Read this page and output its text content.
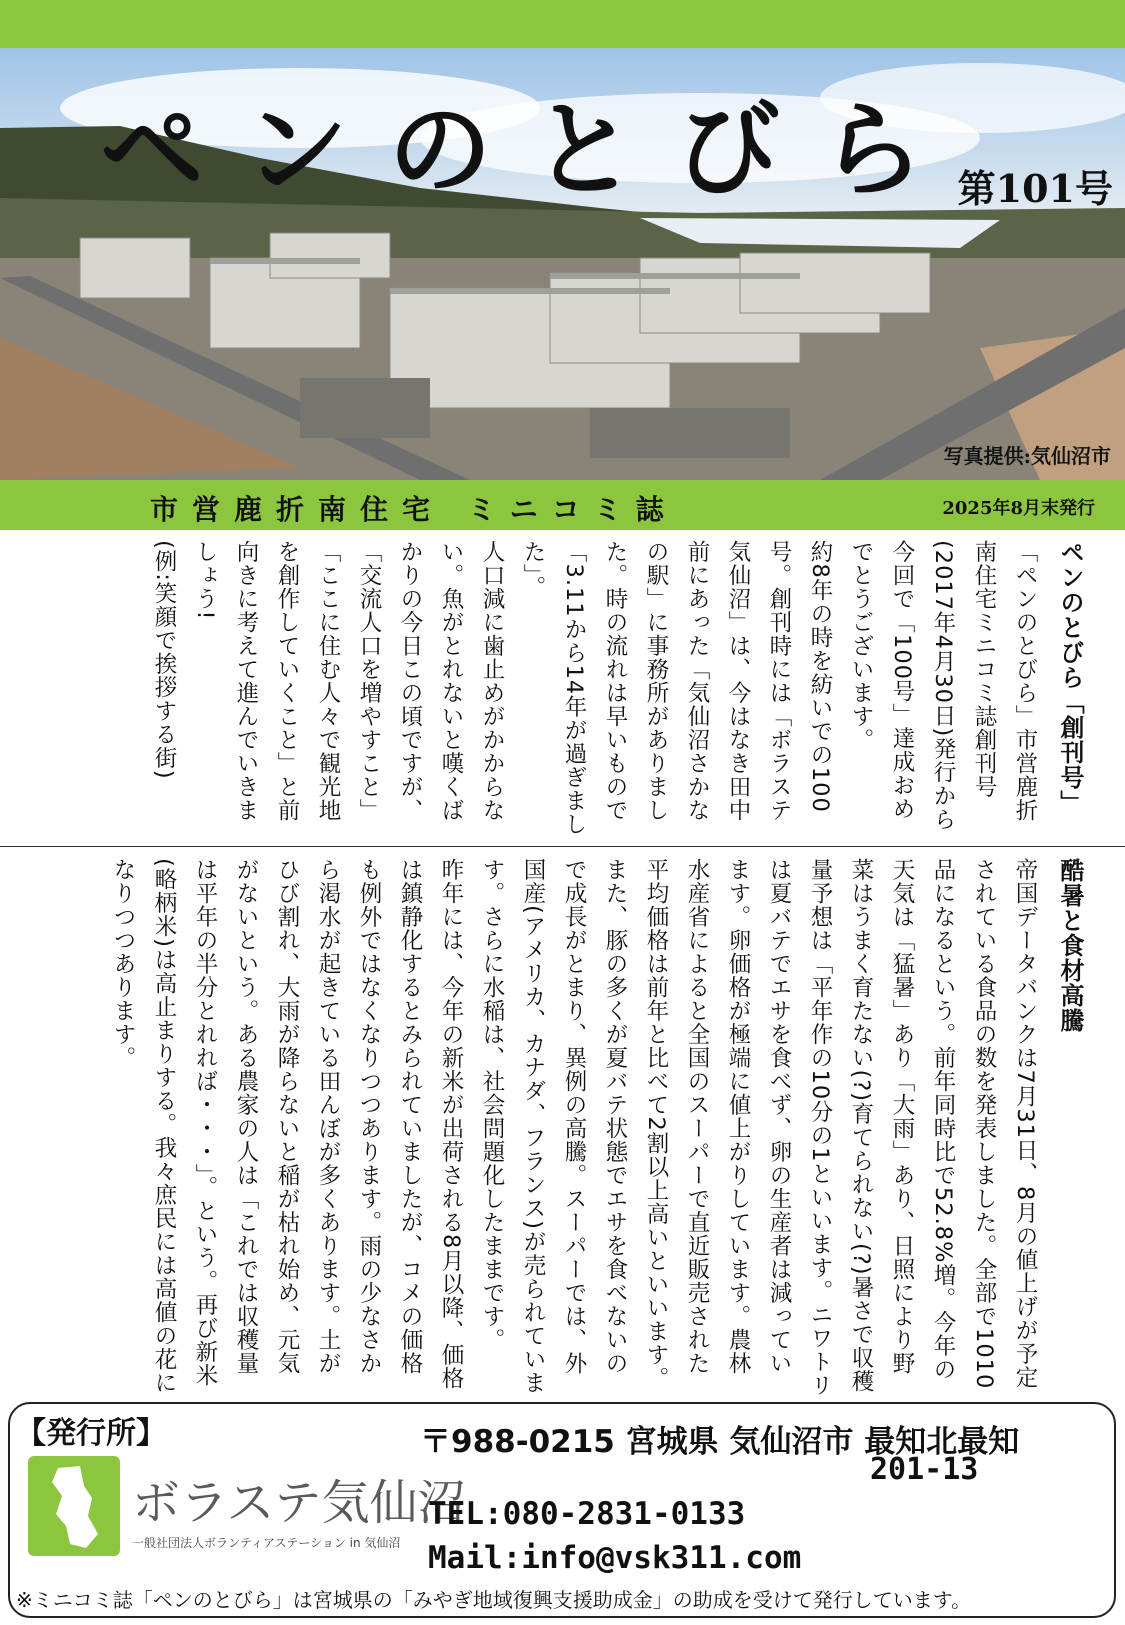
ペンのとびら
第101号
写真提供:気仙沼市
市営鹿折南住宅 ミニコミ誌	2025年8月末発行
ペンのとびら「創刊号」

「ペンのとびら」市営鹿折南住宅ミニコミ誌創刊号(2017年4月30日)発行から今回で「100号」達成おめでとうございます。

約8年の時を紡いでの100号。創刊時には「ボラステ気仙沼」は、今はなき田中前にあった「気仙沼さかなの駅」に事務所がありました。時の流れは早いもので「3.11から14年が過ぎました」。

人口減に歯止めがかからない。魚がとれないと嘆くばかりの今日この頃ですが、「交流人口を増やすこと」「ここに住む人々で観光地を創作していくこと」と前向きに考えて進んでいきましょう!

(例:笑顔で挨拶する街)

酷暑と食材高騰

帝国データバンクは7月31日、8月の値上げが予定されている食品の数を発表しました。全部で1010品になるという。前年同時比で52.8%増。今年の天気は「猛暑」あり「大雨」あり、日照により野菜はうまく育たない(?)育てられない(?)暑さで収穫量予想は「平年作の10分の1といいます。ニワトリは夏バテでエサを食べず、卵の生産者は減っています。卵価格が極端に値上がりしています。農林水産省によると全国のスーパーで直近販売された平均価格は前年と比べて2割以上高いといいます。

また、豚の多くが夏バテ状態でエサを食べないので成長がとまり、異例の高騰。スーパーでは、外国産(アメリカ、カナダ、フランス)が売られています。さらに水稲は、社会問題化したままです。

昨年には、今年の新米が出荷される8月以降、価格は鎮静化するとみられていましたが、コメの価格も例外ではなくなりつつあります。雨の少なさから渇水が起きている田んぼが多くあります。土がひび割れ、大雨が降らないと稲が枯れ始め、元気がないという。ある農家の人は「これでは収穫量は平年の半分とれれば・・・」。という。再び新米(略柄米)は高止まりする。我々庶民には高値の花になりつつあります。

【発行所】
ボラステ気仙沼
一般社団法人ボランティアステーション in 気仙沼
〒988-0215 宮城県 気仙沼市 最知北最知
201-13
TEL:080-2831-0133
Mail:info@vsk311.com
※ミニコミ誌「ペンのとびら」は宮城県の「みやぎ地域復興支援助成金」の助成を受けて発行しています。
